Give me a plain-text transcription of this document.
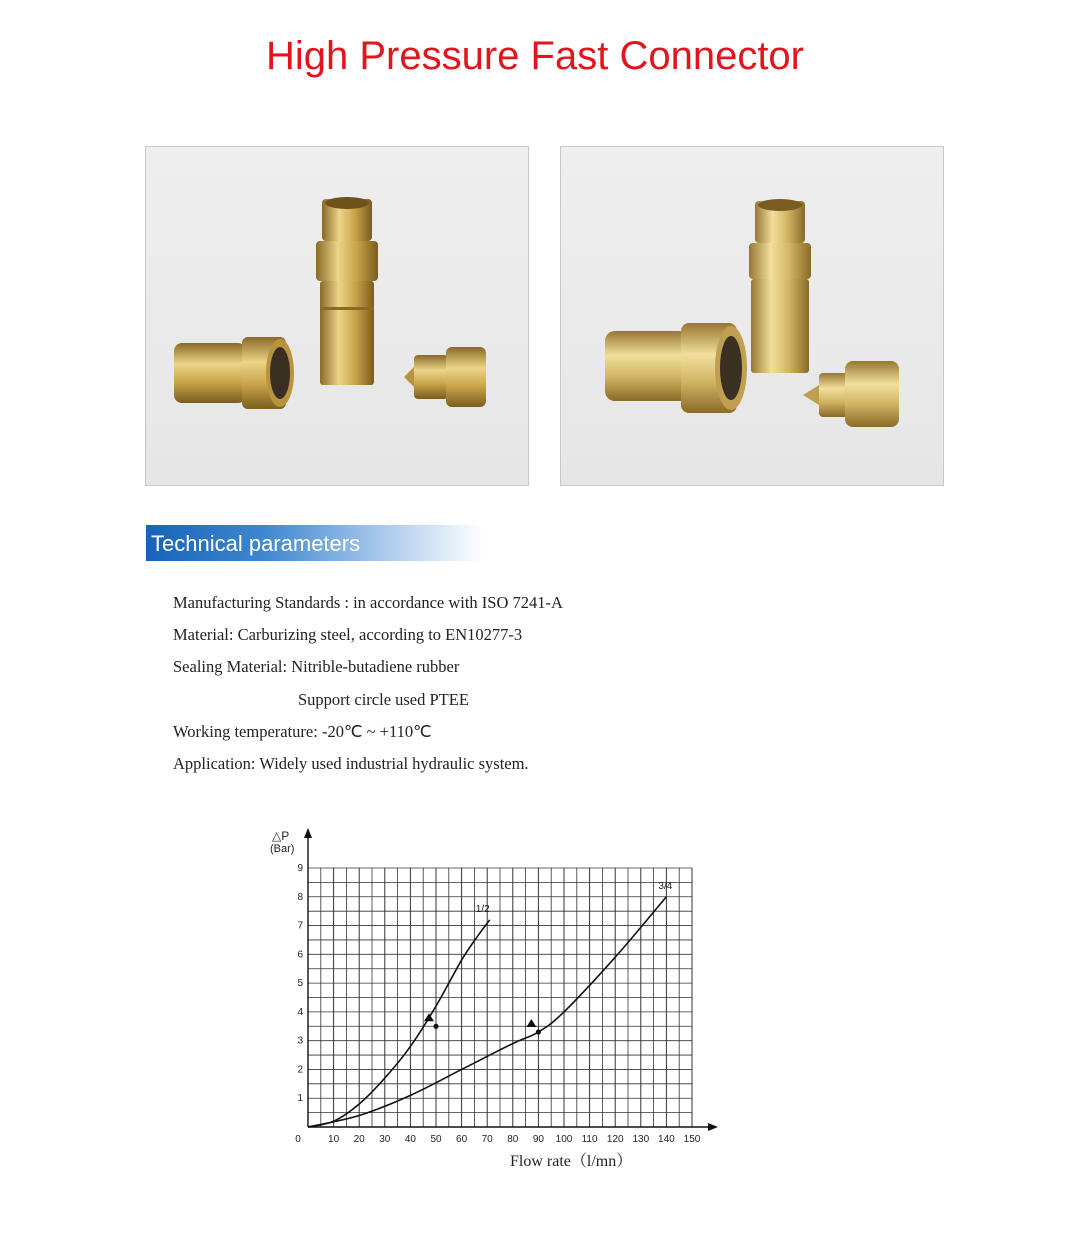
High Pressure Fast Connector
Technical parameters
Manufacturing Standards : in accordance with ISO 7241-A
Material: Carburizing steel, according to EN10277-3
Sealing Material: Nitrible-butadiene rubber
Support circle used PTEE
Working temperature: -20℃ ~ +110℃
Application: Widely used industrial hydraulic system.
10 20 30 40 50 60 70 80 90 100 110 120 130 140 150
1
2
3
4
5
6
7
8
9
0
1/2
3/4
△P
(Bar)
Flow rate（l/mn）
